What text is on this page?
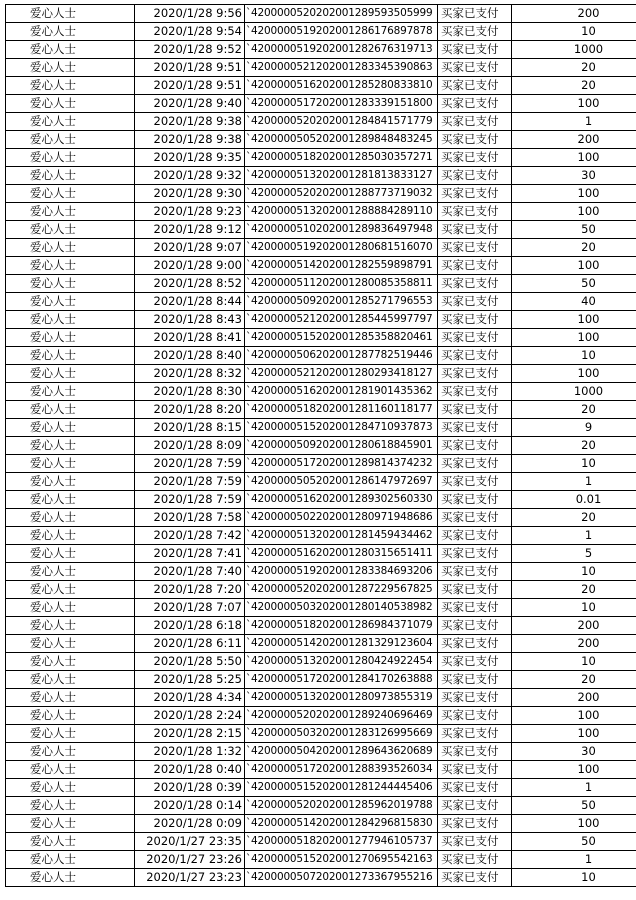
爱心人士	2020/1/28 9:56	`4200000520202001289593505999	买家已支付	200
爱心人士	2020/1/28 9:54	`4200000519202001286176897878	买家已支付	10
爱心人士	2020/1/28 9:52	`4200000519202001282676319713	买家已支付	1000
爱心人士	2020/1/28 9:51	`4200000521202001283345390863	买家已支付	20
爱心人士	2020/1/28 9:51	`4200000516202001285280833810	买家已支付	20
爱心人士	2020/1/28 9:40	`4200000517202001283339151800	买家已支付	100
爱心人士	2020/1/28 9:38	`4200000520202001284841571779	买家已支付	1
爱心人士	2020/1/28 9:38	`4200000505202001289848483245	买家已支付	200
爱心人士	2020/1/28 9:35	`4200000518202001285030357271	买家已支付	100
爱心人士	2020/1/28 9:32	`4200000513202001281813833127	买家已支付	30
爱心人士	2020/1/28 9:30	`4200000520202001288773719032	买家已支付	100
爱心人士	2020/1/28 9:23	`4200000513202001288884289110	买家已支付	100
爱心人士	2020/1/28 9:12	`4200000510202001289836497948	买家已支付	50
爱心人士	2020/1/28 9:07	`4200000519202001280681516070	买家已支付	20
爱心人士	2020/1/28 9:00	`4200000514202001282559898791	买家已支付	100
爱心人士	2020/1/28 8:52	`4200000511202001280085358811	买家已支付	50
爱心人士	2020/1/28 8:44	`4200000509202001285271796553	买家已支付	40
爱心人士	2020/1/28 8:43	`4200000521202001285445997797	买家已支付	100
爱心人士	2020/1/28 8:41	`4200000515202001285358820461	买家已支付	100
爱心人士	2020/1/28 8:40	`4200000506202001287782519446	买家已支付	10
爱心人士	2020/1/28 8:32	`4200000521202001280293418127	买家已支付	100
爱心人士	2020/1/28 8:30	`4200000516202001281901435362	买家已支付	1000
爱心人士	2020/1/28 8:20	`4200000518202001281160118177	买家已支付	20
爱心人士	2020/1/28 8:15	`4200000515202001284710937873	买家已支付	9
爱心人士	2020/1/28 8:09	`4200000509202001280618845901	买家已支付	20
爱心人士	2020/1/28 7:59	`4200000517202001289814374232	买家已支付	10
爱心人士	2020/1/28 7:59	`4200000505202001286147972697	买家已支付	1
爱心人士	2020/1/28 7:59	`4200000516202001289302560330	买家已支付	0.01
爱心人士	2020/1/28 7:58	`4200000502202001280971948686	买家已支付	20
爱心人士	2020/1/28 7:42	`4200000513202001281459434462	买家已支付	1
爱心人士	2020/1/28 7:41	`4200000516202001280315651411	买家已支付	5
爱心人士	2020/1/28 7:40	`4200000519202001283384693206	买家已支付	10
爱心人士	2020/1/28 7:20	`4200000520202001287229567825	买家已支付	20
爱心人士	2020/1/28 7:07	`4200000503202001280140538982	买家已支付	10
爱心人士	2020/1/28 6:18	`4200000518202001286984371079	买家已支付	200
爱心人士	2020/1/28 6:11	`4200000514202001281329123604	买家已支付	200
爱心人士	2020/1/28 5:50	`4200000513202001280424922454	买家已支付	10
爱心人士	2020/1/28 5:25	`4200000517202001284170263888	买家已支付	20
爱心人士	2020/1/28 4:34	`4200000513202001280973855319	买家已支付	200
爱心人士	2020/1/28 2:24	`4200000520202001289240696469	买家已支付	100
爱心人士	2020/1/28 2:15	`4200000503202001283126995669	买家已支付	100
爱心人士	2020/1/28 1:32	`4200000504202001289643620689	买家已支付	30
爱心人士	2020/1/28 0:40	`4200000517202001288393526034	买家已支付	100
爱心人士	2020/1/28 0:39	`4200000515202001281244445406	买家已支付	1
爱心人士	2020/1/28 0:14	`4200000520202001285962019788	买家已支付	50
爱心人士	2020/1/28 0:09	`4200000514202001284296815830	买家已支付	100
爱心人士	2020/1/27 23:35	`4200000518202001277946105737	买家已支付	50
爱心人士	2020/1/27 23:26	`4200000515202001270695542163	买家已支付	1
爱心人士	2020/1/27 23:23	`4200000507202001273367955216	买家已支付	10
